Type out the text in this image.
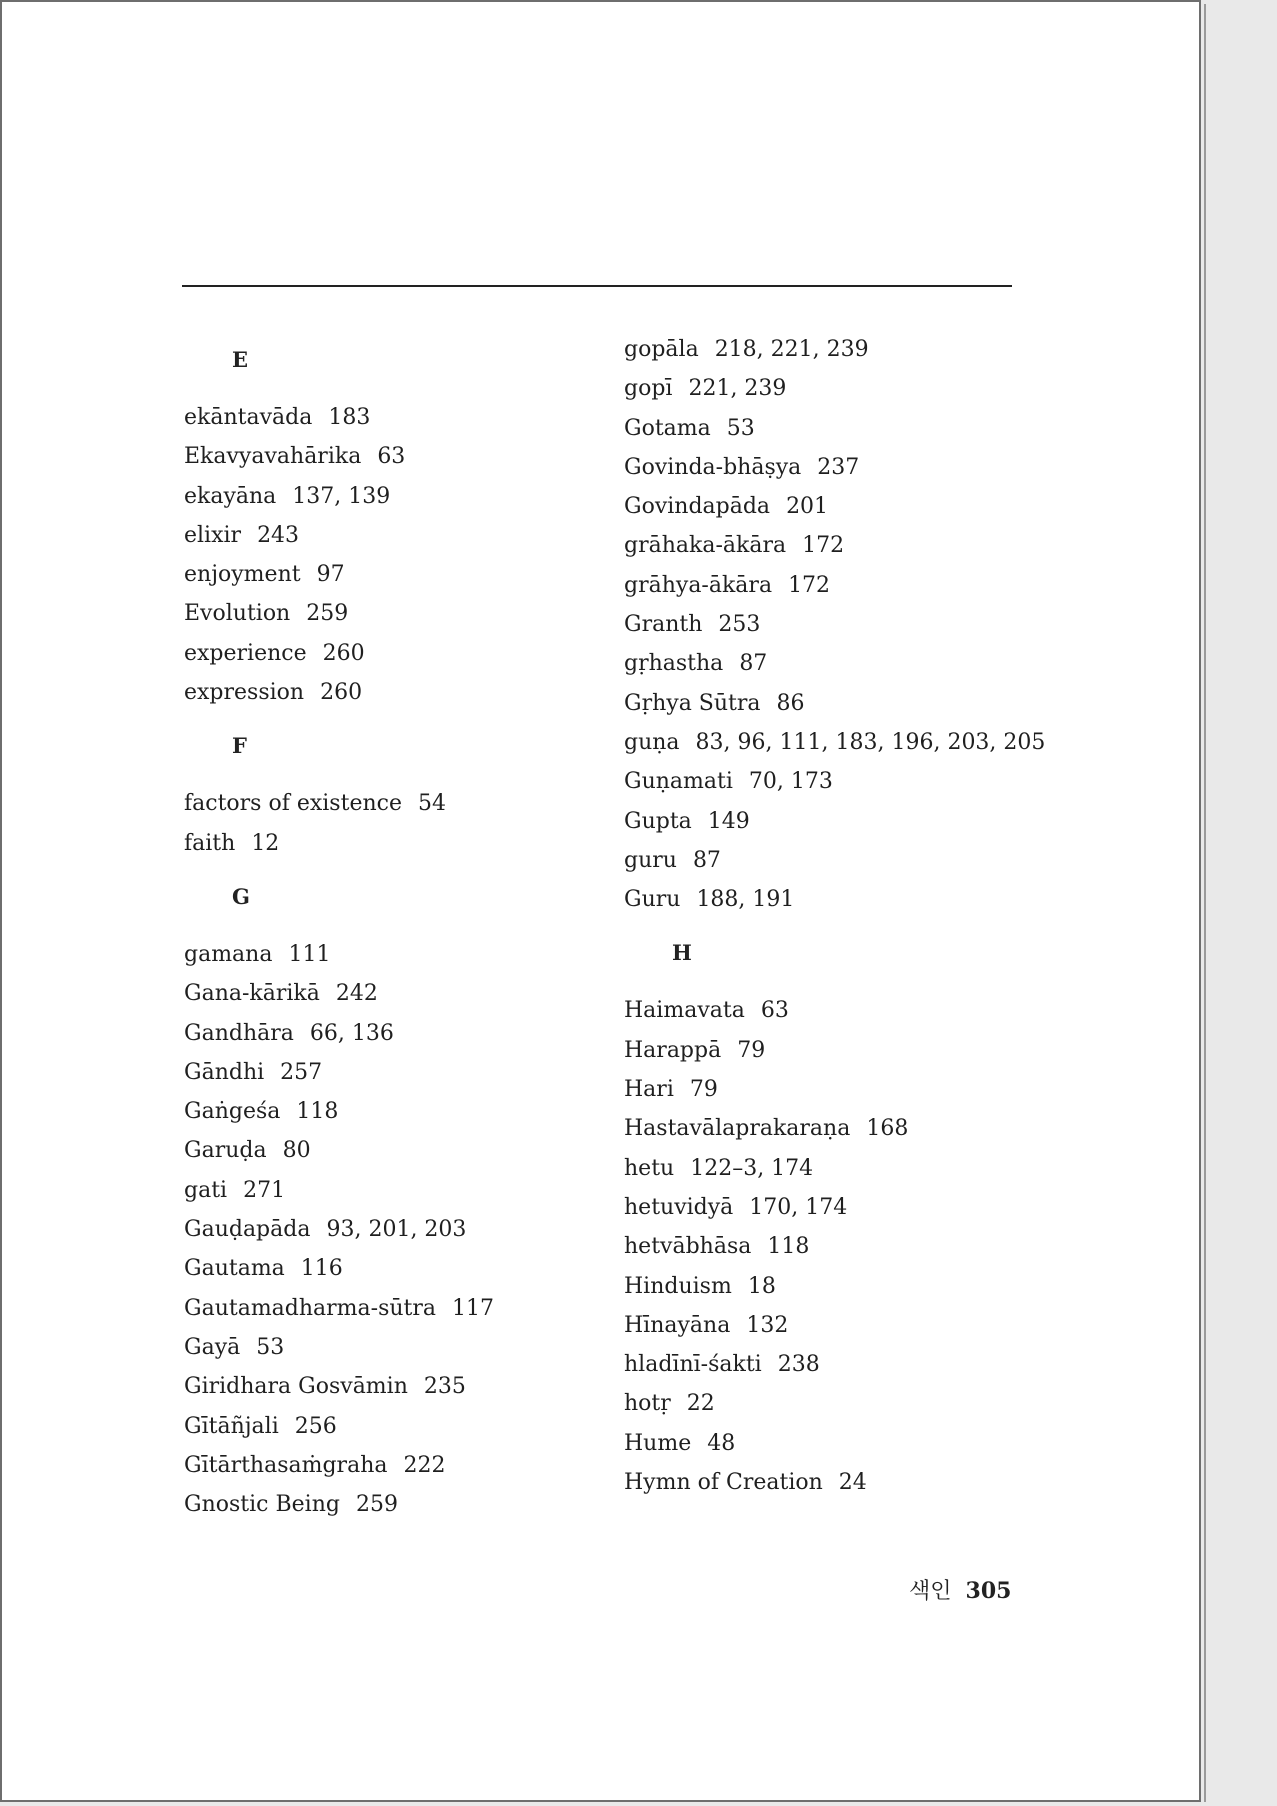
E
ekāntavāda 183
Ekavyavahārika 63
ekayāna 137, 139
elixir 243
enjoyment 97
Evolution 259
experience 260
expression 260
F
factors of existence 54
faith 12
G
gamana 111
Gana-kārikā 242
Gandhāra 66, 136
Gāndhi 257
Gaṅgeśa 118
Garuḍa 80
gati 271
Gauḍapāda 93, 201, 203
Gautama 116
Gautamadharma-sūtra 117
Gayā 53
Giridhara Gosvāmin 235
Gītāñjali 256
Gītārthasaṁgraha 222
Gnostic Being 259
gopāla 218, 221, 239
gopī 221, 239
Gotama 53
Govinda-bhāṣya 237
Govindapāda 201
grāhaka-ākāra 172
grāhya-ākāra 172
Granth 253
gṛhastha 87
Gṛhya Sūtra 86
guṇa 83, 96, 111, 183, 196, 203, 205
Guṇamati 70, 173
Gupta 149
guru 87
Guru 188, 191
H
Haimavata 63
Harappā 79
Hari 79
Hastavālaprakaraṇa 168
hetu 122–3, 174
hetuvidyā 170, 174
hetvābhāsa 118
Hinduism 18
Hīnayāna 132
hladīnī-śakti 238
hotṛ 22
Hume 48
Hymn of Creation 24
색인 305
